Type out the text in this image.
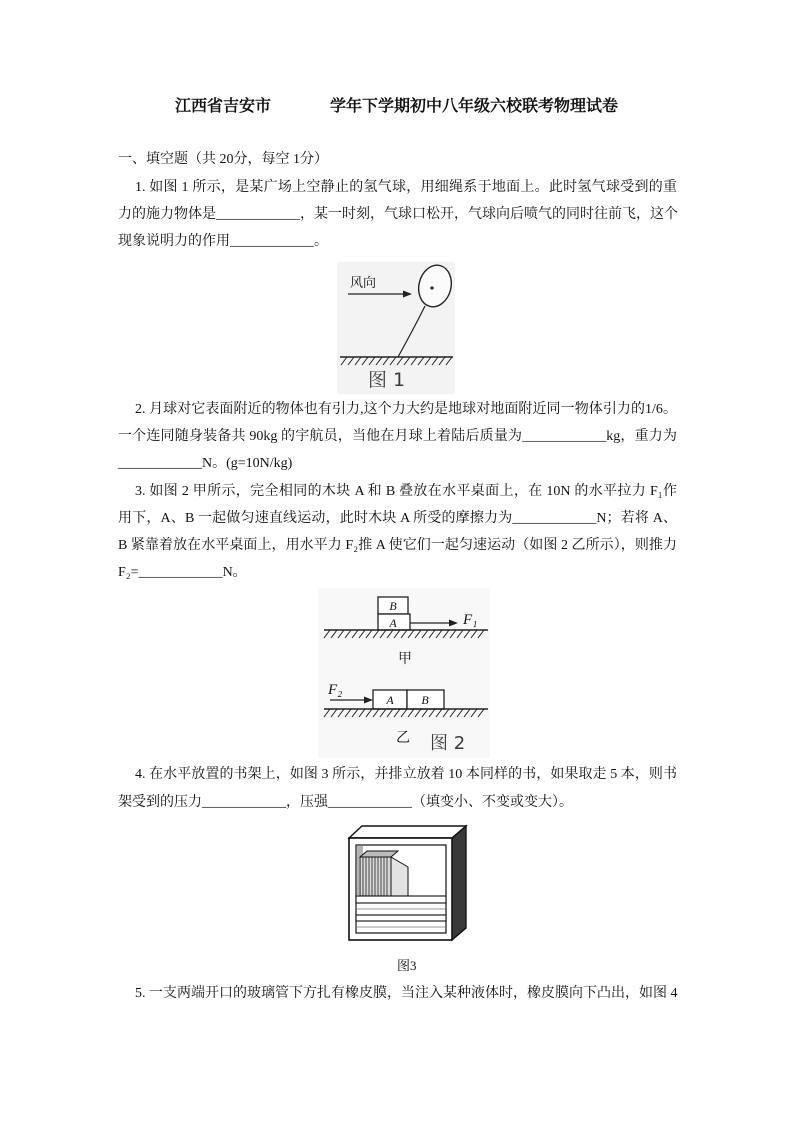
江西省吉安市	学年下学期初中八年级六校联考物理试卷
一、填空题（共 20分，每空 1分）
1. 如图 1 所示，是某广场上空静止的氢气球，用细绳系于地面上。此时氢气球受到的重
力的施力物体是____________，某一时刻，气球口松开，气球向后喷气的同时往前飞，这个
现象说明力的作用____________。
风向
图 1
2. 月球对它表面附近的物体也有引力,这个力大约是地球对地面附近同一物体引力的1/6。
一个连同随身装备共 90kg 的宇航员，当他在月球上着陆后质量为____________kg，重力为
____________N。(g=10N/kg)
3. 如图 2 甲所示，完全相同的木块 A 和 B 叠放在水平桌面上，在 10N 的水平拉力 F₁作
用下，A、B 一起做匀速直线运动，此时木块 A 所受的摩擦力为____________N；若将 A、
B 紧靠着放在水平桌面上，用水平力 F₂推 A 使它们一起匀速运动（如图 2 乙所示），则推力
F₂=____________N。
B
A	F₁
甲
F₂
A B
乙 图 2
4. 在水平放置的书架上，如图 3 所示，并排立放着 10 本同样的书，如果取走 5 本，则书
架受到的压力____________，压强____________（填变小、不变或变大）。
图3
5. 一支两端开口的玻璃管下方扎有橡皮膜，当注入某种液体时，橡皮膜向下凸出，如图 4
